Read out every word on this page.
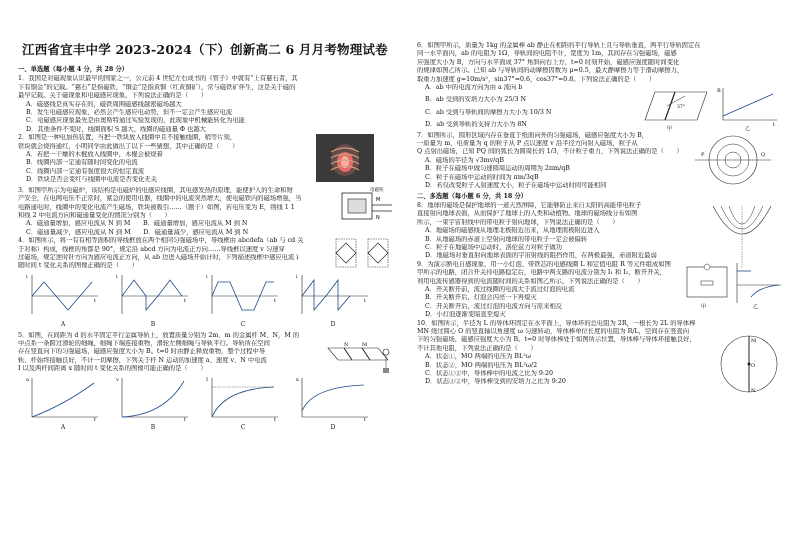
江西省宜丰中学 2023-2024（下）创新高二 6 月月考物理试卷
一、单选题（每小题 4 分，共 28 分）
1．我国是对磁现象认识最早的国家之一，公元前 4 世纪左右成书的《管子》中就有“上有慈石者，其
下有铜金”的记载。“慈石”是指磁铁，“铜金”是指黄铜（红黄铜矿），常与磁铁矿伴生，这是关于磁的
最早记载。关于磁现象和电磁感应现象，下列说法正确的是（　　）
A．磁感线是真实存在的，磁铁周围磁感线越密磁场越大
B．发生电磁感应现象，必然会产生感应电动势，但不一定会产生感应电流
C．电磁感应现象最先是由奥斯特通过实验发现的，此现象中机械能转化为电能
D．其他条件不变时，线圈面积 S 越大，线圈的磁通量 Φ 也越大
2．如图是一种电加热装置，当把一铁块放入线圈中且不接触线圈，稍等片刻，
铁块就会烧得通红，小明同学由此做出了以下一些猜想，其中正确的是（　　）
A．若把一干燥的木棍放入线圈中，木棍会被烧着
B．线圈内部一定通有随时间变化的电流
C．线圈内部一定通有强度很大的恒定直流
D．铁块是否会变红与线圈中电流是否变化无关
3．如图甲所示为电磁炉，该结构是电磁炉的电感应线圈，其电感发热的原理，能使护人的生命和财
产安全，在电网电压不正常时，紧急的使用电器，线圈中的电流突然增大，使电磁铁内的磁场增强，当
电路通电时，线圈中的变化电流产生磁场，铁块被吸引……（题干）如图，若电压变为 E，则线 1 1
和线 2 中电流方向和磁通量变化的情况分别为（　　）
A．磁通量增加，感应电流从 N 到 M　　B．磁通量增加，感应电流从 M 到 N
C．磁通量减少，感应电流从 N 到 M　　D．磁通量减少，感应电流从 M 到 N
M
N
电磁铁
4．如图所示，将一有有相等面积的导线框放在两个相同匀强磁场中，导线框由 abcdefa（ab 与 cd 关
于对称）构成，线框的角都是 90°，规定沿 abcd 方向为电流正方向……导线框以速度 v 匀速穿
过磁场，规定逆时针方向为感应电流正方向，从 ab 边进入磁场开始计时，下列描述线框中感应电流 i
随时间 t 变化关系的图像正确的是（　　）
i
t
A
i
t
B
i
t
C
i
t
D
5．如图，在间距为 d 的水平固定平行金属导轨上，放置质量分别为 2m、m 的金属杆 M、N，M 的
中点系一条跨过滑轮的细绳，细绳下端连接重物，滑轮左侧细绳与导轨平行。导轨所在空间
存在竖直向下的匀强磁场，磁感应强度大小为 B。t=0 时由静止释放重物，整个过程中导
轨、杆始终接触良好，不计一切摩擦，下列关于杆 N 运动的加速度 a、速度 v、N 中电流
I 以及两杆间距离 x 随时间 t 变化关系的图像可能正确的是（　　）
N	M
a
t
A
v
t
B
I
t
C
x
t
D
6．如图甲所示，质量为 1kg 的金属棒 ab 静止在相距的平行导轨上且与导轨垂直，两平行导轨固定在
同一水平面内，ab 的电阻为 1Ω，导轨间的电阻不计，宽度为 1m，其间存在匀强磁场，磁感
应强度大小为 B，方向与水平面成 37° 角斜向右上方，t=0 时刻开始，磁感应强度随时间变化
的规律如图乙所示。已知 ab 与导轨间的动摩擦因数为 μ=0.5，最大静摩擦力等于滑动摩擦力，
取重力加速度 g=10m/s²，sin37°=0.6，cos37°=0.8。下列说法正确的是（　　）
A．ab 中的电流方向为由 a 流向 b
B．ab 受到的安培力大小为 25/3 N
C．ab 受到与导轨间的摩擦力大小为 10/3 N
D．ab 受到导轨的支持力大小为 8N
37°
甲
B
t
乙
7．如图所示，圆形区域内存在垂直于纸面向外的匀强磁场，磁感应强度大小为 B，
一质量为 m、电荷量为 q 的粒子从 P 点以速度 v 沿半径方向射入磁场，粒子从
Q 点射出磁场，已知 PQ 间的弧长为圆周长的 1/3，不计粒子重力，下列说法正确的是（　　）
A．磁场的半径为 √3mv/qB
B．粒子在磁场中做匀速圆周运动的周期为 2πm/qB
C．粒子在磁场中运动的时间为 πm/3qB
D．若仅改变粒子入射速度大小，粒子在磁场中运动时间可能相同
P	Q
二、多选题（每小题 6 分，共 18 分）
8．地球的磁场是保护地球的一道天然屏障，它能够防止来自太阳的高能带电粒子
直接射向地球表面，从而保护了地球上的人类和动植物。地球的磁场线分布如图
所示，一束宇宙射线中的带电粒子射向地球，下列说法正确的是（　　）
A．地磁场的磁感线从地理北极附近出来，从地理南极附近进入
B．从地磁场的赤道上空射向地球的带电粒子一定会被偏转
C．粒子在地磁场中运动时，洛伦兹力对粒子做功
D．地磁场对垂直射向地球表面的宇宙射线的阻挡作用，在两极最强，赤道附近最弱
9．为演示断电自感现象，用一小灯泡、带铁芯的电感线圈 L 和定值电阻 R 等元件组成如图
甲所示的电路，闭合开关待电路稳定后，电路中两支路的电流分别为 I₁ 和 I₂，断开开关，
利用电流传感器得到的电流随时间的关系如图乙所示，下列说法正确的是（　　）
A．开关断开前，流过线圈的电流大于流过灯泡的电流
B．开关断开后，灯泡会闪亮一下再熄灭
C．开关断开后，流过灯泡的电流方向与原来相反
D．小灯泡逐渐变暗直至熄灭
甲	乙
10．如图所示，半径为 L 的导体环固定在水平面上，导体环的总电阻为 2R，一根长为 2L 的导体棒
MN 绕过圆心 O 的竖直轴以角速度 ω 匀速转动，导体棒单位长度的电阻为 R/L，空间存在竖直向
下的匀强磁场，磁感应强度大小为 B。t=0 时导体棒处于如图所示位置，导体棒与导体环接触良好，
不计其他电阻，下列说法正确的是（　　）
A．状态①，MO 两端的电压为 BL²ω
B．状态②，MO 两端的电压为 BL²ω/2
C．状态①②中，导体棒中的电流之比为 9:20
D．状态①②中，导体棒受到的安培力之比为 9:20
M
O
N
